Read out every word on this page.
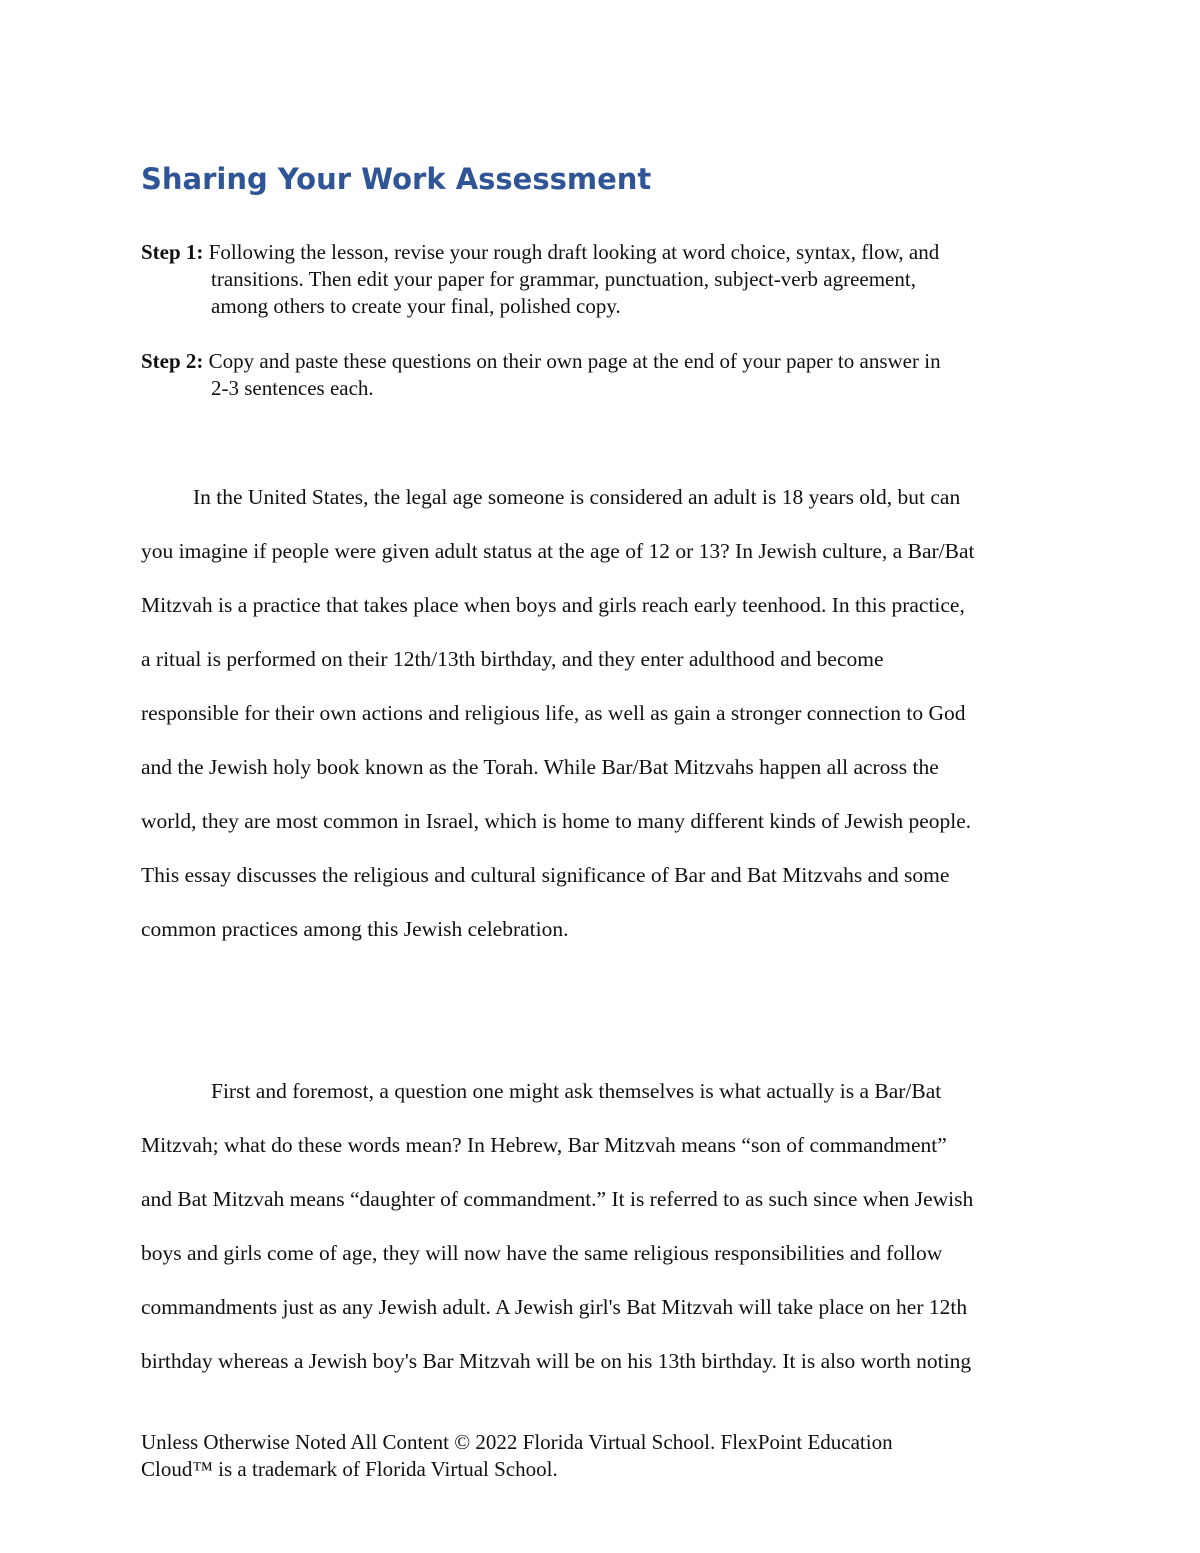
Sharing Your Work Assessment
Step 1: Following the lesson, revise your rough draft looking at word choice, syntax, flow, and
transitions. Then edit your paper for grammar, punctuation, subject-verb agreement,
among others to create your final, polished copy.
Step 2: Copy and paste these questions on their own page at the end of your paper to answer in
2-3 sentences each.
In the United States, the legal age someone is considered an adult is 18 years old, but can
you imagine if people were given adult status at the age of 12 or 13? In Jewish culture, a Bar/Bat
Mitzvah is a practice that takes place when boys and girls reach early teenhood. In this practice,
a ritual is performed on their 12th/13th birthday, and they enter adulthood and become
responsible for their own actions and religious life, as well as gain a stronger connection to God
and the Jewish holy book known as the Torah. While Bar/Bat Mitzvahs happen all across the
world, they are most common in Israel, which is home to many different kinds of Jewish people.
This essay discusses the religious and cultural significance of Bar and Bat Mitzvahs and some
common practices among this Jewish celebration.
First and foremost, a question one might ask themselves is what actually is a Bar/Bat
Mitzvah; what do these words mean? In Hebrew, Bar Mitzvah means “son of commandment”
and Bat Mitzvah means “daughter of commandment.” It is referred to as such since when Jewish
boys and girls come of age, they will now have the same religious responsibilities and follow
commandments just as any Jewish adult. A Jewish girl's Bat Mitzvah will take place on her 12th
birthday whereas a Jewish boy's Bar Mitzvah will be on his 13th birthday. It is also worth noting
Unless Otherwise Noted All Content © 2022 Florida Virtual School. FlexPoint Education
Cloud™ is a trademark of Florida Virtual School.
